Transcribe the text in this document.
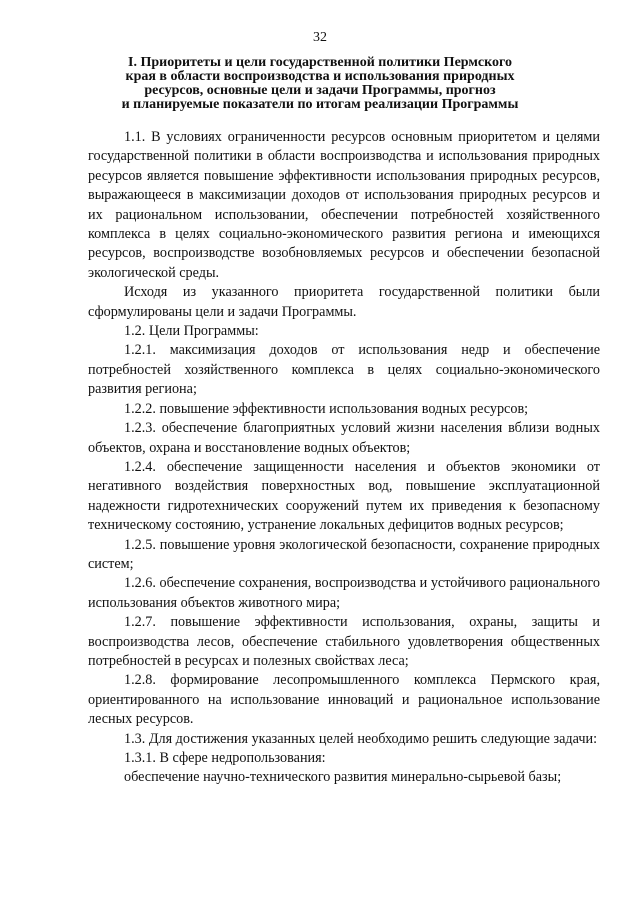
32
I. Приоритеты и цели государственной политики Пермского
края в области воспроизводства и использования природных
ресурсов, основные цели и задачи Программы, прогноз
и планируемые показатели по итогам реализации Программы

1.1. В условиях ограниченности ресурсов основным приоритетом и целями государственной политики в области воспроизводства и использования природных ресурсов является повышение эффективности использования природных ресурсов, выражающееся в максимизации доходов от использования природных ресурсов и их рациональном использовании, обеспечении потребностей хозяйственного комплекса в целях социально-экономического развития региона и имеющихся ресурсов, воспроизводстве возобновляемых ресурсов и обеспечении безопасной экологической среды.

Исходя из указанного приоритета государственной политики были сформулированы цели и задачи Программы.

1.2. Цели Программы:

1.2.1. максимизация доходов от использования недр и обеспечение потребностей хозяйственного комплекса в целях социально-экономического развития региона;

1.2.2. повышение эффективности использования водных ресурсов;

1.2.3. обеспечение благоприятных условий жизни населения вблизи водных объектов, охрана и восстановление водных объектов;

1.2.4. обеспечение защищенности населения и объектов экономики от негативного воздействия поверхностных вод, повышение эксплуатационной надежности гидротехнических сооружений путем их приведения к безопасному техническому состоянию, устранение локальных дефицитов водных ресурсов;

1.2.5. повышение уровня экологической безопасности, сохранение природных систем;

1.2.6. обеспечение сохранения, воспроизводства и устойчивого рационального использования объектов животного мира;

1.2.7. повышение эффективности использования, охраны, защиты и воспроизводства лесов, обеспечение стабильного удовлетворения общественных потребностей в ресурсах и полезных свойствах леса;

1.2.8. формирование лесопромышленного комплекса Пермского края, ориентированного на использование инноваций и рациональное использование лесных ресурсов.

1.3. Для достижения указанных целей необходимо решить следующие задачи:

1.3.1. В сфере недропользования:

обеспечение научно-технического развития минерально-сырьевой базы;
